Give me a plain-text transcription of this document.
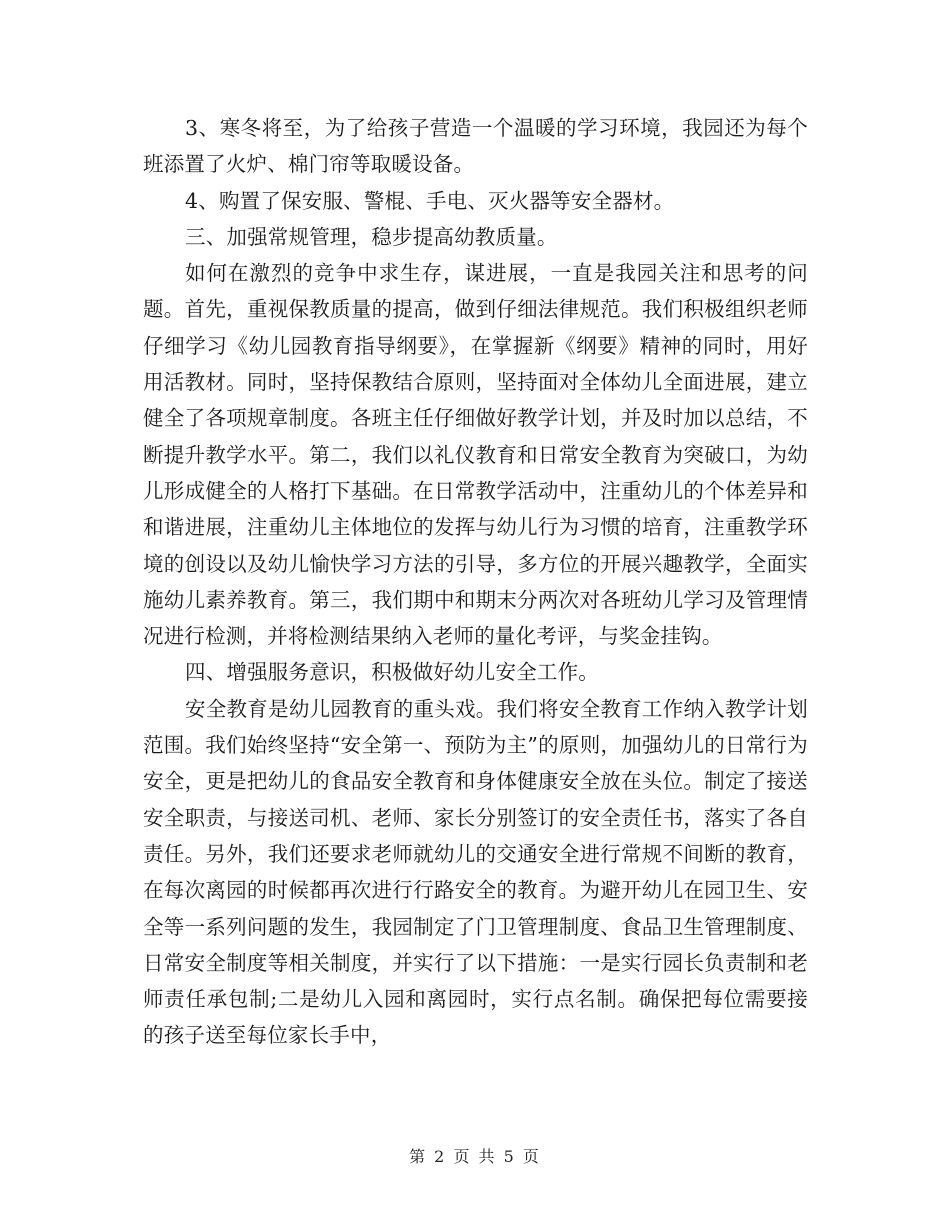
3、寒冬将至，为了给孩子营造一个温暖的学习环境，我园还为每个班添置了火炉、棉门帘等取暖设备。

4、购置了保安服、警棍、手电、灭火器等安全器材。

三、加强常规管理，稳步提高幼教质量。

如何在激烈的竞争中求生存，谋进展，一直是我园关注和思考的问题。首先，重视保教质量的提高，做到仔细法律规范。我们积极组织老师仔细学习《幼儿园教育指导纲要》，在掌握新《纲要》精神的同时，用好用活教材。同时，坚持保教结合原则，坚持面对全体幼儿全面进展，建立健全了各项规章制度。各班主任仔细做好教学计划，并及时加以总结，不断提升教学水平。第二，我们以礼仪教育和日常安全教育为突破口，为幼儿形成健全的人格打下基础。在日常教学活动中，注重幼儿的个体差异和和谐进展，注重幼儿主体地位的发挥与幼儿行为习惯的培育，注重教学环境的创设以及幼儿愉快学习方法的引导，多方位的开展兴趣教学，全面实施幼儿素养教育。第三，我们期中和期末分两次对各班幼儿学习及管理情况进行检测，并将检测结果纳入老师的量化考评，与奖金挂钩。

四、增强服务意识，积极做好幼儿安全工作。

安全教育是幼儿园教育的重头戏。我们将安全教育工作纳入教学计划范围。我们始终坚持“安全第一、预防为主”的原则，加强幼儿的日常行为安全，更是把幼儿的食品安全教育和身体健康安全放在头位。制定了接送安全职责，与接送司机、老师、家长分别签订的安全责任书，落实了各自责任。另外，我们还要求老师就幼儿的交通安全进行常规不间断的教育，在每次离园的时候都再次进行行路安全的教育。为避开幼儿在园卫生、安全等一系列问题的发生，我园制定了门卫管理制度、食品卫生管理制度、日常安全制度等相关制度，并实行了以下措施：一是实行园长负责制和老师责任承包制;二是幼儿入园和离园时，实行点名制。确保把每位需要接的孩子送至每位家长手中，

第 2 页 共 5 页
